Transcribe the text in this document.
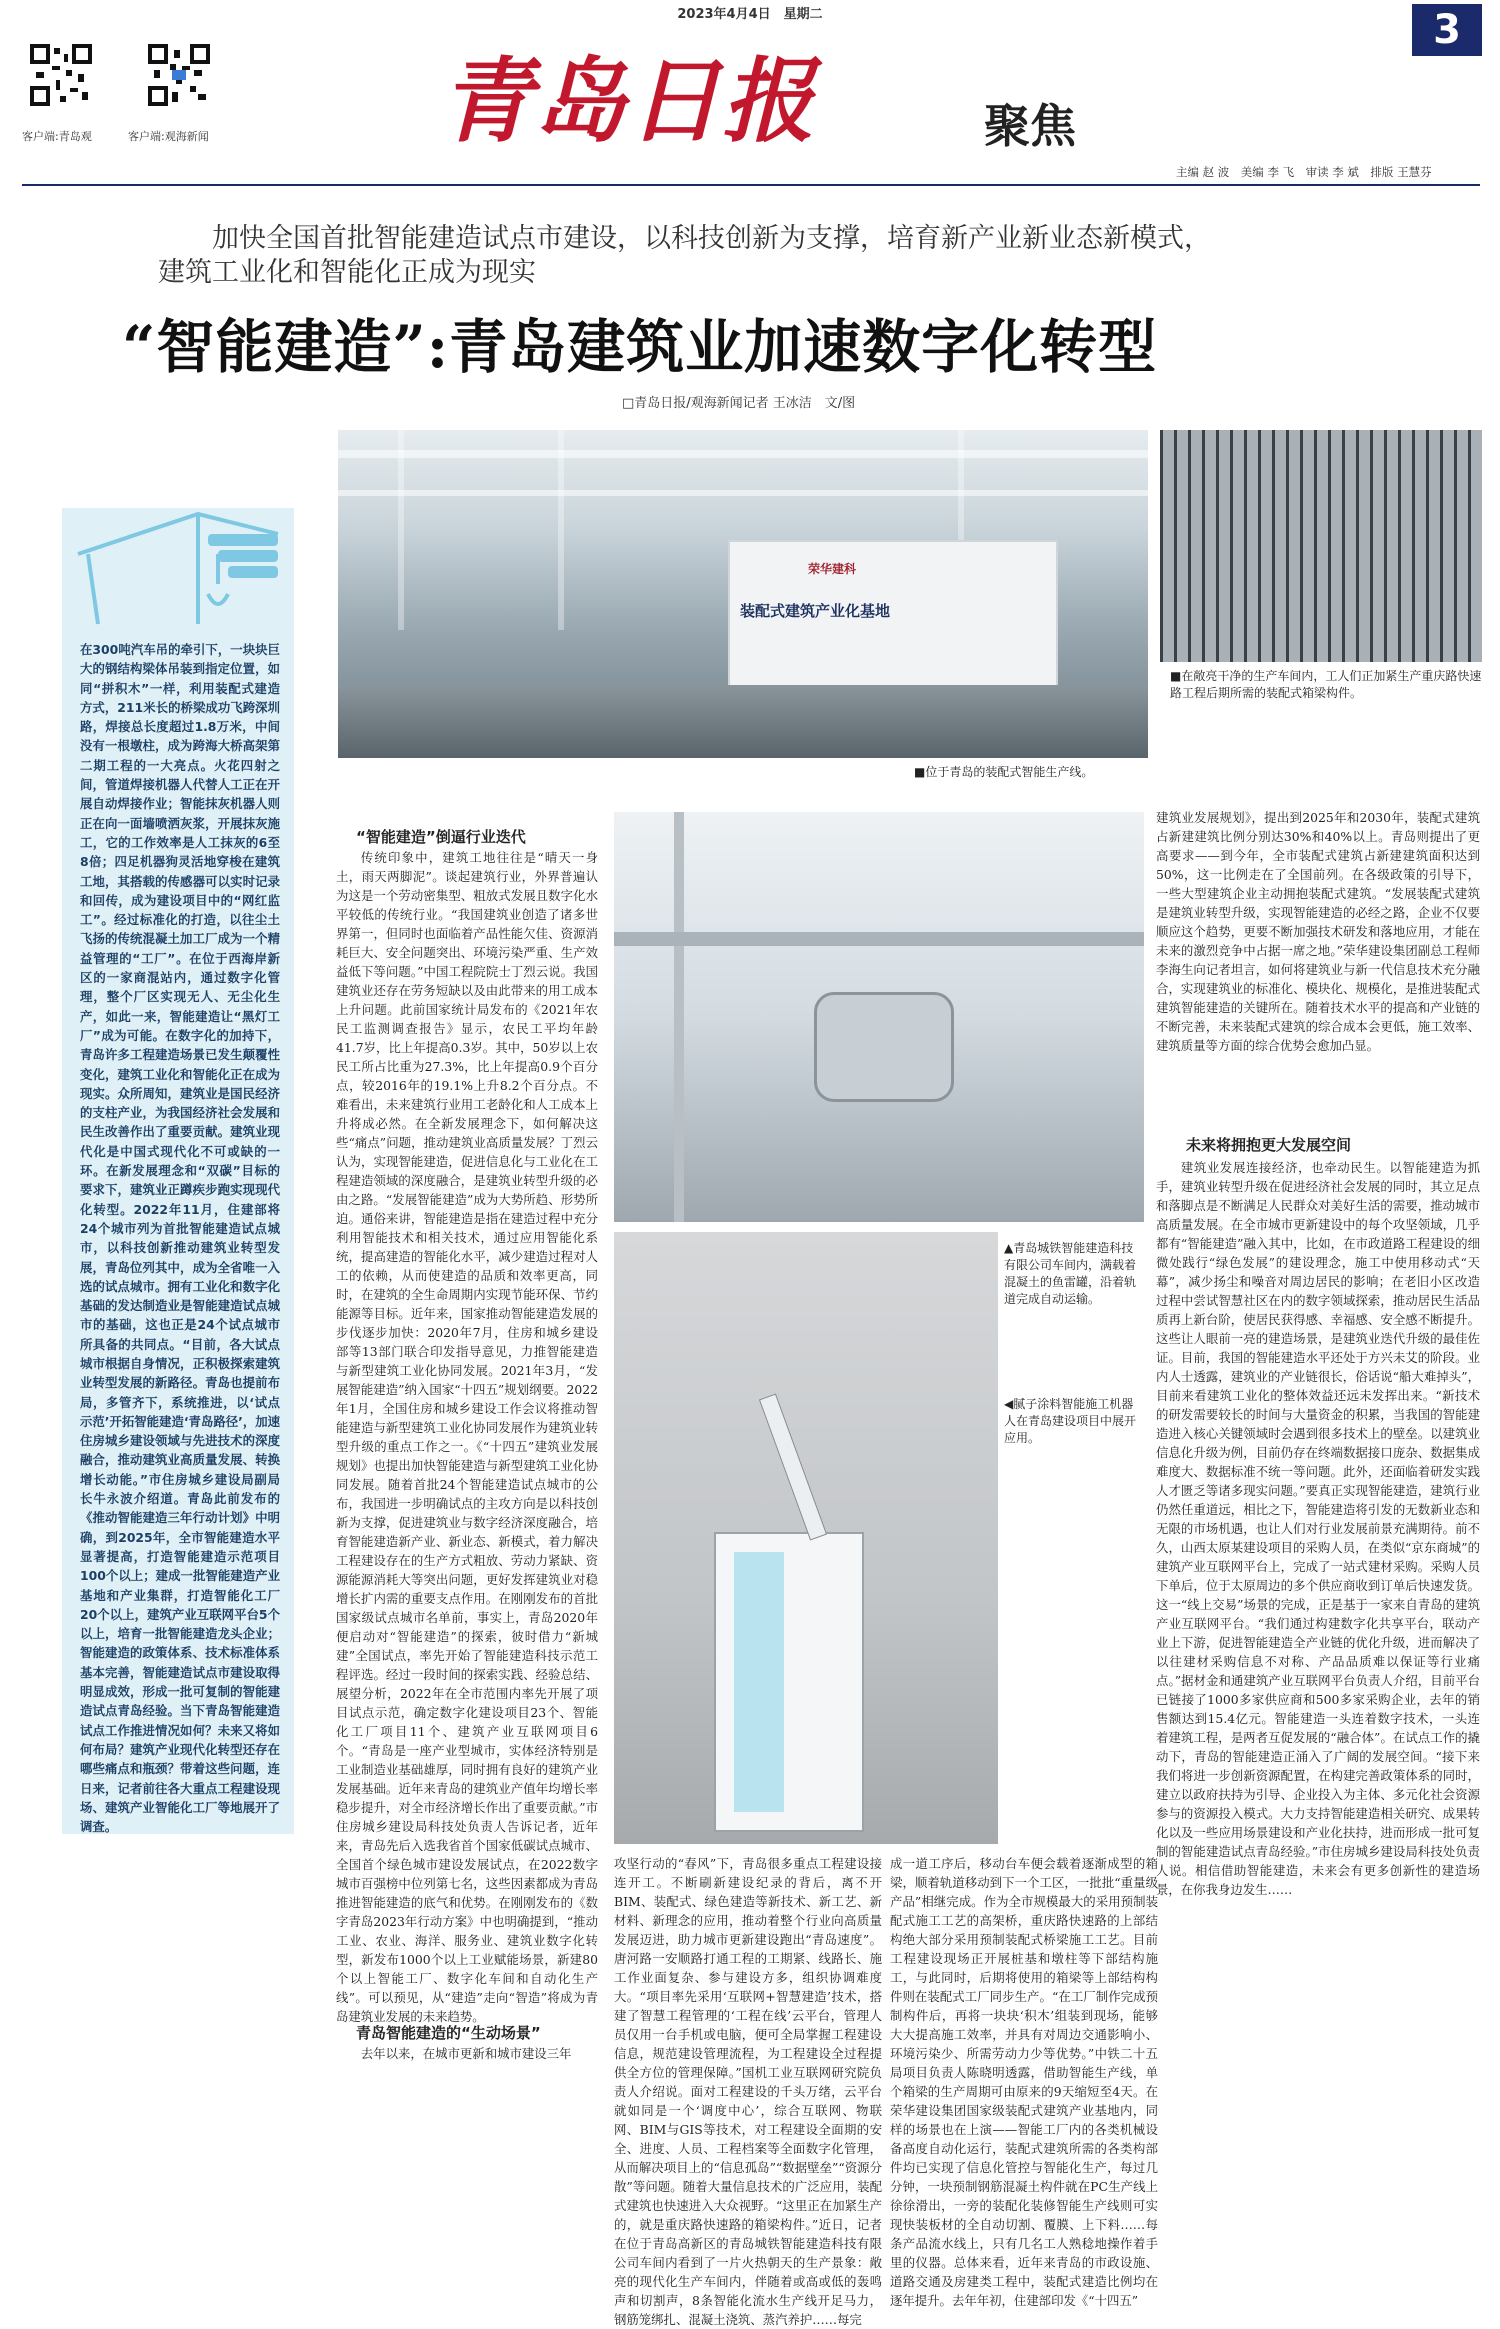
2023年4月4日　星期二	3
客户端:青岛观	客户端:观海新闻	青岛日报	聚焦
主编 赵 波　美编 李 飞　审读 李 斌　排版 王慧芬
加快全国首批智能建造试点市建设，以科技创新为支撑，培育新产业新业态新模式，
建筑工业化和智能化正成为现实
“智能建造”:青岛建筑业加速数字化转型
□青岛日报/观海新闻记者 王冰洁　文/图
荣华建科
装配式建筑产业化基地
■位于青岛的装配式智能生产线。
■在敞亮干净的生产车间内，工人们正加紧生产重庆路快速路工程后期所需的装配式箱梁构件。
在300吨汽车吊的牵引下，一块块巨大的钢结构梁体吊装到指定位置，如同“拼积木”一样，利用装配式建造方式，211米长的桥梁成功飞跨深圳路，焊接总长度超过1.8万米，中间没有一根墩柱，成为跨海大桥高架第二期工程的一大亮点。火花四射之间，管道焊接机器人代替人工正在开展自动焊接作业；智能抹灰机器人则正在向一面墙喷洒灰浆，开展抹灰施工，它的工作效率是人工抹灰的6至8倍；四足机器狗灵活地穿梭在建筑工地，其搭载的传感器可以实时记录和回传，成为建设项目中的“网红监工”。经过标准化的打造，以往尘土飞扬的传统混凝土加工厂成为一个精益管理的“工厂”。在位于西海岸新区的一家商混站内，通过数字化管理，整个厂区实现无人、无尘化生产，如此一来，智能建造让“黑灯工厂”成为可能。在数字化的加持下，青岛许多工程建造场景已发生颠覆性变化，建筑工业化和智能化正在成为现实。众所周知，建筑业是国民经济的支柱产业，为我国经济社会发展和民生改善作出了重要贡献。建筑业现代化是中国式现代化不可或缺的一环。在新发展理念和“双碳”目标的要求下，建筑业正蹲疾步跑实现现代化转型。2022年11月，住建部将24个城市列为首批智能建造试点城市，以科技创新推动建筑业转型发展，青岛位列其中，成为全省唯一入选的试点城市。拥有工业化和数字化基础的发达制造业是智能建造试点城市的基础，这也正是24个试点城市所具备的共同点。“目前，各大试点城市根据自身情况，正积极探索建筑业转型发展的新路径。青岛也提前布局，多管齐下，系统推进，以‘试点示范’开拓智能建造‘青岛路径’，加速住房城乡建设领域与先进技术的深度融合，推动建筑业高质量发展、转换增长动能。”市住房城乡建设局副局长牛永波介绍道。青岛此前发布的《推动智能建造三年行动计划》中明确，到2025年，全市智能建造水平显著提高，打造智能建造示范项目100个以上；建成一批智能建造产业基地和产业集群，打造智能化工厂20个以上，建筑产业互联网平台5个以上，培育一批智能建造龙头企业；智能建造的政策体系、技术标准体系基本完善，智能建造试点市建设取得明显成效，形成一批可复制的智能建造试点青岛经验。当下青岛智能建造试点工作推进情况如何？未来又将如何布局？建筑产业现代化转型还存在哪些痛点和瓶颈？带着这些问题，连日来，记者前往各大重点工程建设现场、建筑产业智能化工厂等地展开了调查。
“智能建造”倒逼行业迭代
传统印象中，建筑工地往往是“晴天一身土，雨天两脚泥”。谈起建筑行业，外界普遍认为这是一个劳动密集型、粗放式发展且数字化水平较低的传统行业。“我国建筑业创造了诸多世界第一，但同时也面临着产品性能欠佳、资源消耗巨大、安全问题突出、环境污染严重、生产效益低下等问题。”中国工程院院士丁烈云说。我国建筑业还存在劳务短缺以及由此带来的用工成本上升问题。此前国家统计局发布的《2021年农民工监测调查报告》显示，农民工平均年龄41.7岁，比上年提高0.3岁。其中，50岁以上农民工所占比重为27.3%，比上年提高0.9个百分点，较2016年的19.1%上升8.2个百分点。不难看出，未来建筑行业用工老龄化和人工成本上升将成必然。在全新发展理念下，如何解决这些“痛点”问题，推动建筑业高质量发展？丁烈云认为，实现智能建造，促进信息化与工业化在工程建造领域的深度融合，是建筑业转型升级的必由之路。“发展智能建造”成为大势所趋、形势所迫。通俗来讲，智能建造是指在建造过程中充分利用智能技术和相关技术，通过应用智能化系统，提高建造的智能化水平，减少建造过程对人工的依赖，从而使建造的品质和效率更高，同时，在建筑的全生命周期内实现节能环保、节约能源等目标。近年来，国家推动智能建造发展的步伐逐步加快：2020年7月，住房和城乡建设部等13部门联合印发指导意见，力推智能建造与新型建筑工业化协同发展。2021年3月，“发展智能建造”纳入国家“十四五”规划纲要。2022年1月，全国住房和城乡建设工作会议将推动智能建造与新型建筑工业化协同发展作为建筑业转型升级的重点工作之一。《“十四五”建筑业发展规划》也提出加快智能建造与新型建筑工业化协同发展。随着首批24个智能建造试点城市的公布，我国进一步明确试点的主攻方向是以科技创新为支撑，促进建筑业与数字经济深度融合，培育智能建造新产业、新业态、新模式，着力解决工程建设存在的生产方式粗放、劳动力紧缺、资源能源消耗大等突出问题，更好发挥建筑业对稳增长扩内需的重要支点作用。在刚刚发布的首批国家级试点城市名单前，事实上，青岛2020年便启动对“智能建造”的探索，彼时借力“新城建”全国试点，率先开始了智能建造科技示范工程评选。经过一段时间的探索实践、经验总结、展望分析，2022年在全市范围内率先开展了项目试点示范，确定数字化建设项目23个、智能化工厂项目11个、建筑产业互联网项目6个。“青岛是一座产业型城市，实体经济特别是工业制造业基础雄厚，同时拥有良好的建筑产业发展基础。近年来青岛的建筑业产值年均增长率稳步提升，对全市经济增长作出了重要贡献。”市住房城乡建设局科技处负责人告诉记者，近年来，青岛先后入选我省首个国家低碳试点城市、全国首个绿色城市建设发展试点，在2022数字城市百强榜中位列第七名，这些因素都成为青岛推进智能建造的底气和优势。在刚刚发布的《数字青岛2023年行动方案》中也明确提到，“推动工业、农业、海洋、服务业、建筑业数字化转型，新发布1000个以上工业赋能场景，新建80个以上智能工厂、数字化车间和自动化生产线”。可以预见，从“建造”走向“智造”将成为青岛建筑业发展的未来趋势。
青岛智能建造的“生动场景”
去年以来，在城市更新和城市建设三年
▲青岛城铁智能建造科技有限公司车间内，满载着混凝土的鱼雷罐，沿着轨道完成自动运输。
◀腻子涂料智能施工机器人在青岛建设项目中展开应用。
攻坚行动的“春风”下，青岛很多重点工程建设接连开工。不断刷新建设纪录的背后，离不开BIM、装配式、绿色建造等新技术、新工艺、新材料、新理念的应用，推动着整个行业向高质量发展迈进，助力城市更新建设跑出“青岛速度”。唐河路一安顺路打通工程的工期紧、线路长、施工作业面复杂、参与建设方多，组织协调难度大。“项目率先采用‘互联网+智慧建造’技术，搭建了智慧工程管理的‘工程在线’云平台，管理人员仅用一台手机或电脑，便可全局掌握工程建设信息，规范建设管理流程，为工程建设全过程提供全方位的管理保障。”国机工业互联网研究院负责人介绍说。面对工程建设的千头万绪，云平台就如同是一个‘调度中心’，综合互联网、物联网、BIM与GIS等技术，对工程建设全面期的安全、进度、人员、工程档案等全面数字化管理，从而解决项目上的“信息孤岛”“数据壁垒”“资源分散”等问题。随着大量信息技术的广泛应用，装配式建筑也快速进入大众视野。“这里正在加紧生产的，就是重庆路快速路的箱梁构件。”近日，记者在位于青岛高新区的青岛城铁智能建造科技有限公司车间内看到了一片火热朝天的生产景象：敞亮的现代化生产车间内，伴随着或高或低的轰鸣声和切割声，8条智能化流水生产线开足马力，钢筋笼绑扎、混凝土浇筑、蒸汽养护……每完
成一道工序后，移动台车便会载着逐渐成型的箱梁，顺着轨道移动到下一个工区，一批批“重量级产品”相继完成。作为全市规模最大的采用预制装配式施工工艺的高架桥，重庆路快速路的上部结构绝大部分采用预制装配式桥梁施工工艺。目前工程建设现场正开展桩基和墩柱等下部结构施工，与此同时，后期将使用的箱梁等上部结构构件则在装配式工厂同步生产。“在工厂制作完成预制构件后，再将一块块‘积木’组装到现场，能够大大提高施工效率，并具有对周边交通影响小、环境污染少、所需劳动力少等优势。”中铁二十五局项目负责人陈晓明透露，借助智能生产线，单个箱梁的生产周期可由原来的9天缩短至4天。在荣华建设集团国家级装配式建筑产业基地内，同样的场景也在上演——智能工厂内的各类机械设备高度自动化运行，装配式建筑所需的各类构部件均已实现了信息化管控与智能化生产，每过几分钟，一块预制钢筋混凝土构件就在PC生产线上徐徐滑出，一旁的装配化装修智能生产线则可实现快装板材的全自动切割、覆膜、上下料……每条产品流水线上，只有几名工人熟稔地操作着手里的仪器。总体来看，近年来青岛的市政设施、道路交通及房建类工程中，装配式建造比例均在逐年提升。去年年初，住建部印发《“十四五”
建筑业发展规划》，提出到2025年和2030年，装配式建筑占新建建筑比例分别达30%和40%以上。青岛则提出了更高要求——到今年，全市装配式建筑占新建建筑面积达到50%，这一比例走在了全国前列。在各级政策的引导下，一些大型建筑企业主动拥抱装配式建筑。“发展装配式建筑是建筑业转型升级，实现智能建造的必经之路，企业不仅要顺应这个趋势，更要不断加强技术研发和落地应用，才能在未来的激烈竞争中占据一席之地。”荣华建设集团副总工程师李海生向记者坦言，如何将建筑业与新一代信息技术充分融合，实现建筑业的标准化、模块化、规模化，是推进装配式建筑智能建造的关键所在。随着技术水平的提高和产业链的不断完善，未来装配式建筑的综合成本会更低，施工效率、建筑质量等方面的综合优势会愈加凸显。
未来将拥抱更大发展空间
建筑业发展连接经济，也牵动民生。以智能建造为抓手，建筑业转型升级在促进经济社会发展的同时，其立足点和落脚点是不断满足人民群众对美好生活的需要，推动城市高质量发展。在全市城市更新建设中的每个攻坚领域，几乎都有“智能建造”融入其中，比如，在市政道路工程建设的细微处践行“绿色发展”的建设理念，施工中使用移动式“天幕”，减少扬尘和噪音对周边居民的影响；在老旧小区改造过程中尝试智慧社区在内的数字领域探索，推动居民生活品质再上新台阶，使居民获得感、幸福感、安全感不断提升。这些让人眼前一亮的建造场景，是建筑业迭代升级的最佳佐证。目前，我国的智能建造水平还处于方兴未艾的阶段。业内人士透露，建筑业的产业链很长，俗话说“船大难掉头”，目前来看建筑工业化的整体效益还远未发挥出来。“新技术的研发需要较长的时间与大量资金的积累，当我国的智能建造进入核心关键领域时会遇到很多技术上的壁垒。以建筑业信息化升级为例，目前仍存在终端数据接口庞杂、数据集成难度大、数据标准不统一等问题。此外，还面临着研发实践人才匮乏等诸多现实问题。”要真正实现智能建造，建筑行业仍然任重道远，相比之下，智能建造将引发的无数新业态和无限的市场机遇，也让人们对行业发展前景充满期待。前不久，山西太原某建设项目的采购人员，在类似“京东商城”的建筑产业互联网平台上，完成了一站式建材采购。采购人员下单后，位于太原周边的多个供应商收到订单后快速发货。这一“线上交易”场景的完成，正是基于一家来自青岛的建筑产业互联网平台。“我们通过构建数字化共享平台，联动产业上下游，促进智能建造全产业链的优化升级，进而解决了以往建材采购信息不对称、产品品质难以保证等行业痛点。”据材金和通建筑产业互联网平台负责人介绍，目前平台已链接了1000多家供应商和500多家采购企业，去年的销售额达到15.4亿元。智能建造一头连着数字技术，一头连着建筑工程，是两者互促发展的“融合体”。在试点工作的撬动下，青岛的智能建造正涌入了广阔的发展空间。“接下来我们将进一步创新资源配置，在构建完善政策体系的同时，建立以政府扶持为引导、企业投入为主体、多元化社会资源参与的资源投入模式。大力支持智能建造相关研究、成果转化以及一些应用场景建设和产业化扶持，进而形成一批可复制的智能建造试点青岛经验。”市住房城乡建设局科技处负责人说。相信借助智能建造，未来会有更多创新性的建造场景，在你我身边发生……
